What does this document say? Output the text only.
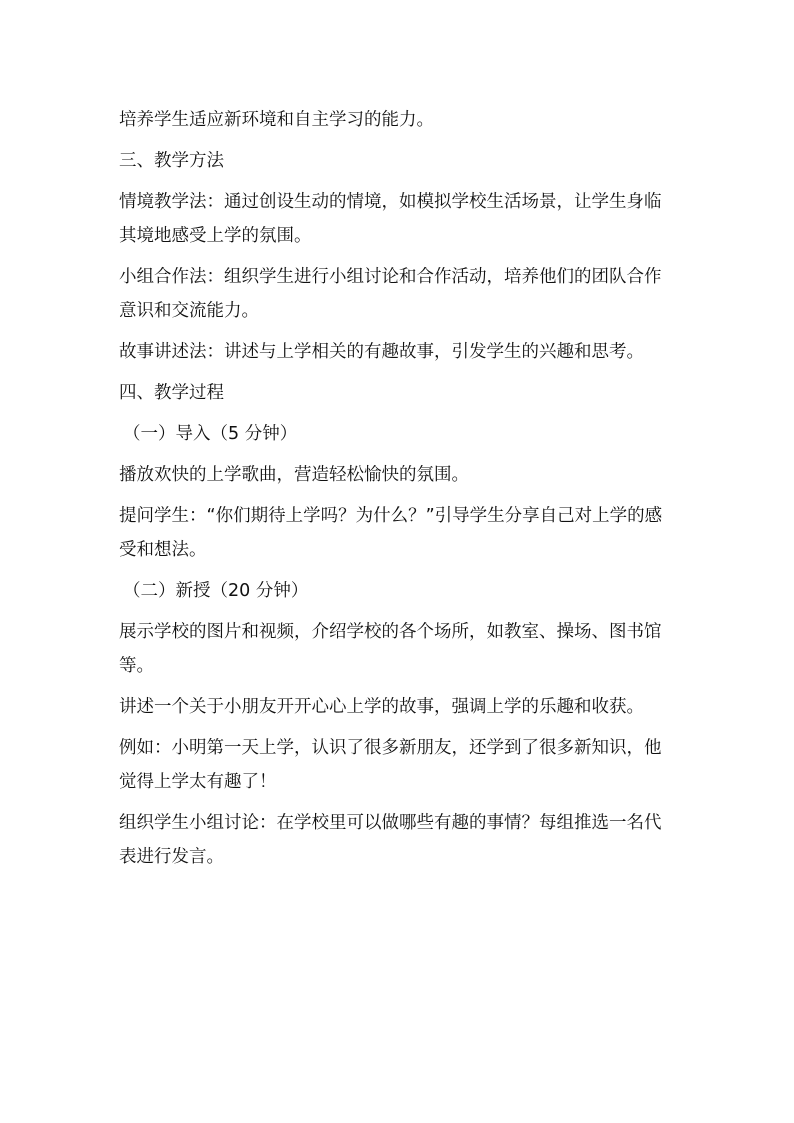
培养学生适应新环境和自主学习的能力。

三、教学方法

情境教学法：通过创设生动的情境，如模拟学校生活场景，让学生身临其境地感受上学的氛围。

小组合作法：组织学生进行小组讨论和合作活动，培养他们的团队合作意识和交流能力。

故事讲述法：讲述与上学相关的有趣故事，引发学生的兴趣和思考。

四、教学过程

（一）导入（5 分钟）

播放欢快的上学歌曲，营造轻松愉快的氛围。

提问学生：“你们期待上学吗？为什么？”引导学生分享自己对上学的感受和想法。

（二）新授（20 分钟）

展示学校的图片和视频，介绍学校的各个场所，如教室、操场、图书馆等。

讲述一个关于小朋友开开心心上学的故事，强调上学的乐趣和收获。

例如：小明第一天上学，认识了很多新朋友，还学到了很多新知识，他觉得上学太有趣了！

组织学生小组讨论：在学校里可以做哪些有趣的事情？每组推选一名代表进行发言。
